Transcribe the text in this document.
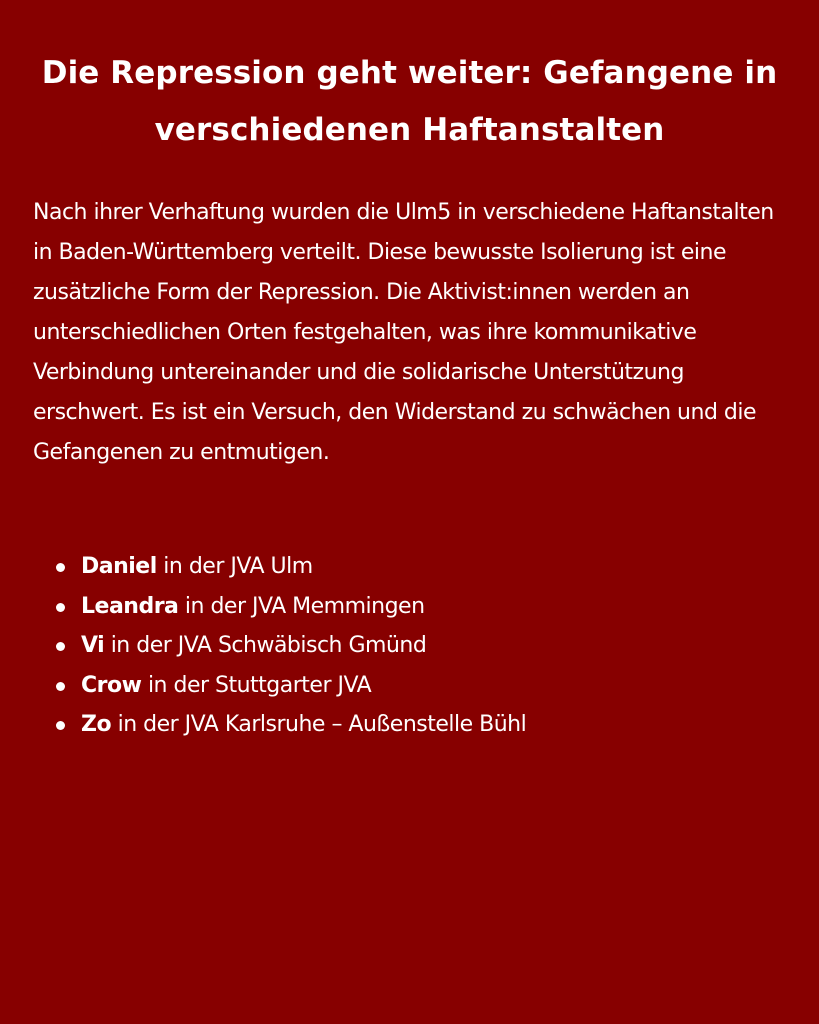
Die Repression geht weiter: Gefangene in verschiedenen Haftanstalten

Nach ihrer Verhaftung wurden die Ulm5 in verschiedene Haftanstalten in Baden-Württemberg verteilt. Diese bewusste Isolierung ist eine zusätzliche Form der Repression. Die Aktivist:innen werden an unterschiedlichen Orten festgehalten, was ihre kommunikative Verbindung untereinander und die solidarische Unterstützung erschwert. Es ist ein Versuch, den Widerstand zu schwächen und die Gefangenen zu entmutigen.

Daniel in der JVA Ulm
Leandra in der JVA Memmingen
Vi in der JVA Schwäbisch Gmünd
Crow in der Stuttgarter JVA
Zo in der JVA Karlsruhe – Außenstelle Bühl
